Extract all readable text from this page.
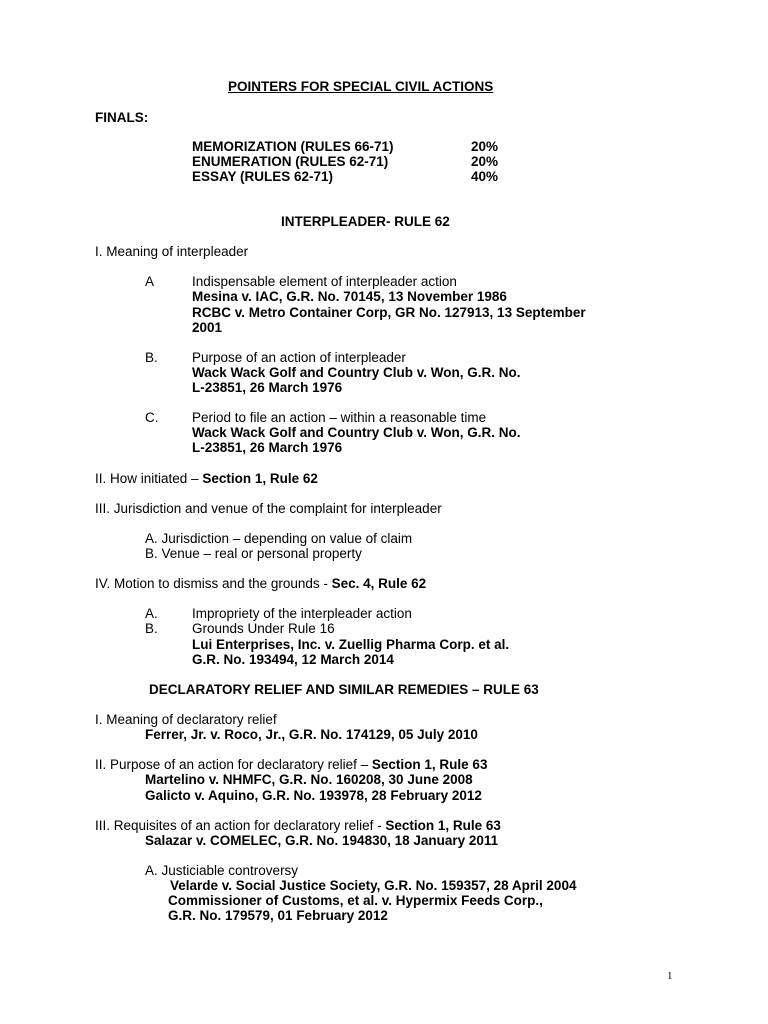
POINTERS FOR SPECIAL CIVIL ACTIONS
FINALS:
MEMORIZATION (RULES 66-71)	20%
ENUMERATION (RULES 62-71)	20%
ESSAY (RULES 62-71)	40%
INTERPLEADER- RULE 62
I. Meaning of interpleader
A	Indispensable element of interpleader action
Mesina v. IAC, G.R. No. 70145, 13 November 1986
RCBC v. Metro Container Corp, GR No. 127913, 13 September
2001
B.	Purpose of an action of interpleader
Wack Wack Golf and Country Club v. Won, G.R. No.
L-23851, 26 March 1976
C. Period to file an action – within a reasonable time
Wack Wack Golf and Country Club v. Won, G.R. No.
L-23851, 26 March 1976
II. How initiated – Section 1, Rule 62
III. Jurisdiction and venue of the complaint for interpleader
A. Jurisdiction – depending on value of claim
B. Venue – real or personal property
IV. Motion to dismiss and the grounds - Sec. 4, Rule 62
A.	Impropriety of the interpleader action
B.	Grounds Under Rule 16
Lui Enterprises, Inc. v. Zuellig Pharma Corp. et al.
G.R. No. 193494, 12 March 2014
DECLARATORY RELIEF AND SIMILAR REMEDIES – RULE 63
I. Meaning of declaratory relief
Ferrer, Jr. v. Roco, Jr., G.R. No. 174129, 05 July 2010
II. Purpose of an action for declaratory relief – Section 1, Rule 63
Martelino v. NHMFC, G.R. No. 160208, 30 June 2008
Galicto v. Aquino, G.R. No. 193978, 28 February 2012
III. Requisites of an action for declaratory relief - Section 1, Rule 63
Salazar v. COMELEC, G.R. No. 194830, 18 January 2011
A. Justiciable controversy
Velarde v. Social Justice Society, G.R. No. 159357, 28 April 2004
Commissioner of Customs, et al. v. Hypermix Feeds Corp.,
G.R. No. 179579, 01 February 2012
1
